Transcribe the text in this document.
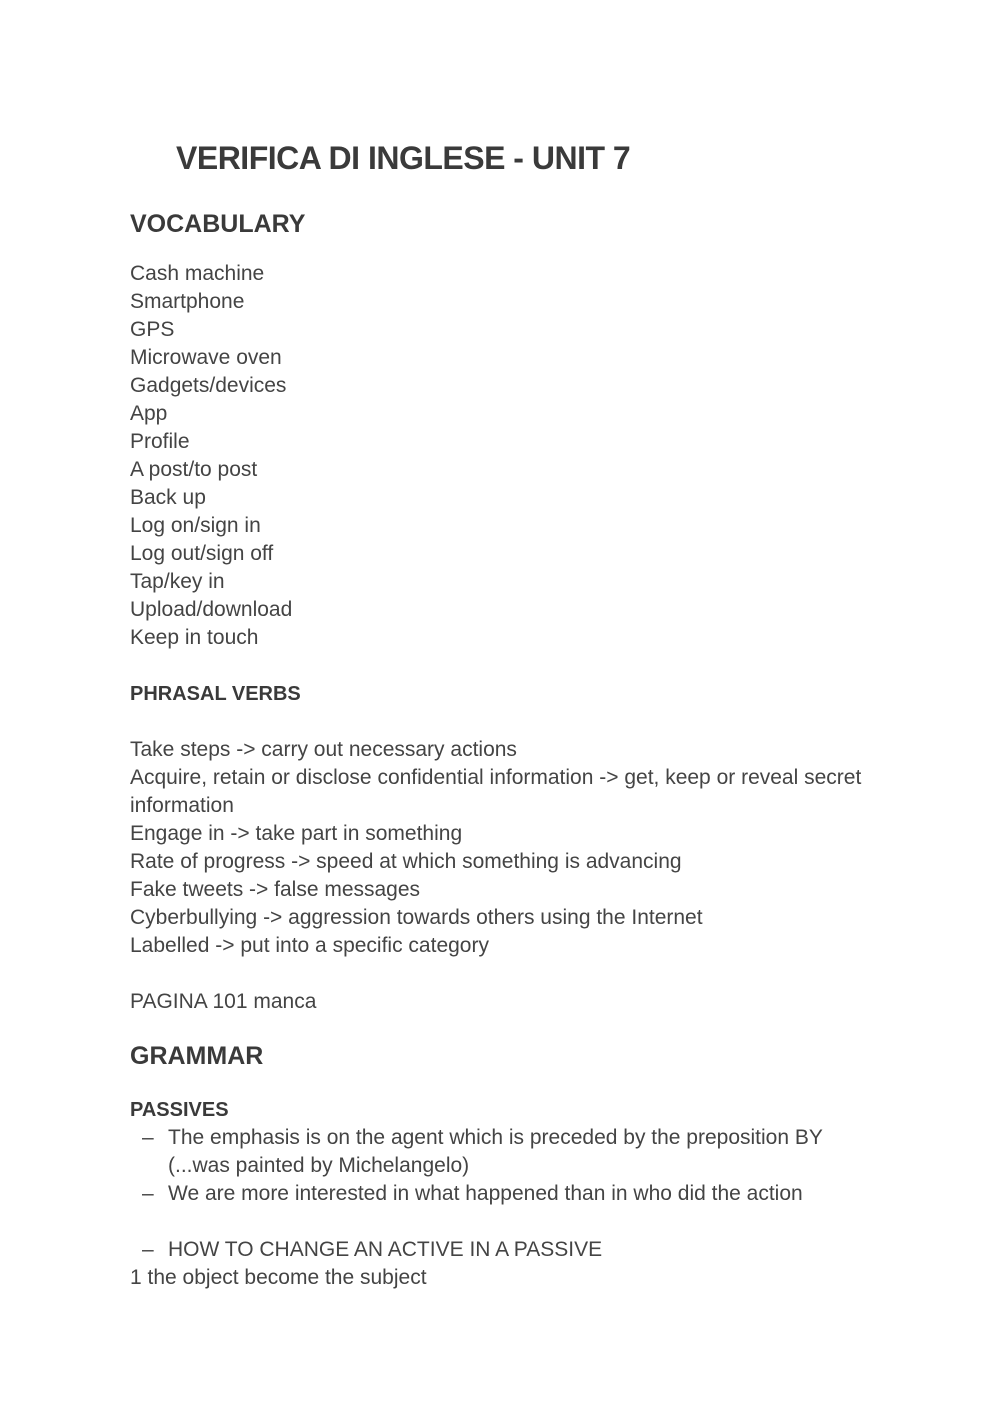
VERIFICA DI INGLESE - UNIT 7
VOCABULARY
Cash machine
Smartphone
GPS
Microwave oven
Gadgets/devices
App
Profile
A post/to post
Back up
Log on/sign in
Log out/sign off
Tap/key in
Upload/download
Keep in touch
PHRASAL VERBS
Take steps -> carry out necessary actions
Acquire, retain or disclose confidential information -> get, keep or reveal secret information
Engage in -> take part in something
Rate of progress -> speed at which something is advancing
Fake tweets -> false messages
Cyberbullying -> aggression towards others using the Internet
Labelled -> put into a specific category
PAGINA 101 manca
GRAMMAR
PASSIVES
– The emphasis is on the agent which is preceded by the preposition BY (...was painted by Michelangelo)
– We are more interested in what happened than in who did the action
– HOW TO CHANGE AN ACTIVE IN A PASSIVE
1 the object become the subject
